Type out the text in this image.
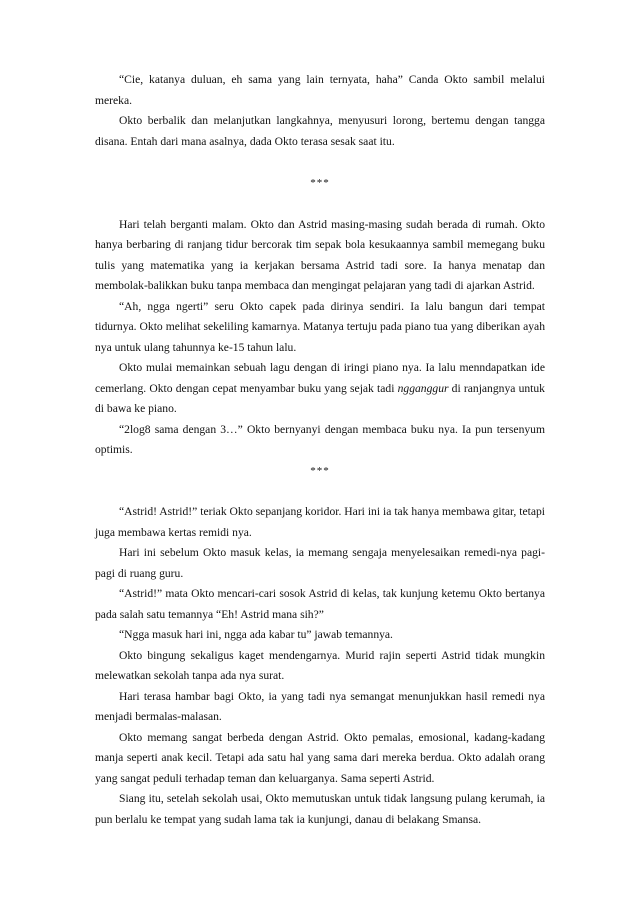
“Cie, katanya duluan, eh sama yang lain ternyata, haha” Canda Okto sambil melalui mereka.

Okto berbalik dan melanjutkan langkahnya, menyusuri lorong, bertemu dengan tangga disana. Entah dari mana asalnya, dada Okto terasa sesak saat itu.

***

Hari telah berganti malam. Okto dan Astrid masing-masing sudah berada di rumah. Okto hanya berbaring di ranjang tidur bercorak tim sepak bola kesukaannya sambil memegang buku tulis yang matematika yang ia kerjakan bersama Astrid tadi sore. Ia hanya menatap dan membolak-balikkan buku tanpa membaca dan mengingat pelajaran yang tadi di ajarkan Astrid.

“Ah, ngga ngerti” seru Okto capek pada dirinya sendiri. Ia lalu bangun dari tempat tidurnya. Okto melihat sekeliling kamarnya. Matanya tertuju pada piano tua yang diberikan ayah nya untuk ulang tahunnya ke-15 tahun lalu.

Okto mulai memainkan sebuah lagu dengan di iringi piano nya. Ia lalu menndapatkan ide cemerlang. Okto dengan cepat menyambar buku yang sejak tadi ngganggur di ranjangnya untuk di bawa ke piano.

“2log8 sama dengan 3…” Okto bernyanyi dengan membaca buku nya. Ia pun tersenyum optimis.

***

“Astrid! Astrid!” teriak Okto sepanjang koridor. Hari ini ia tak hanya membawa gitar, tetapi juga membawa kertas remidi nya.

Hari ini sebelum Okto masuk kelas, ia memang sengaja menyelesaikan remedi-nya pagi-pagi di ruang guru.

“Astrid!” mata Okto mencari-cari sosok Astrid di kelas, tak kunjung ketemu Okto bertanya pada salah satu temannya “Eh! Astrid mana sih?”

“Ngga masuk hari ini, ngga ada kabar tu” jawab temannya.

Okto bingung sekaligus kaget mendengarnya. Murid rajin seperti Astrid tidak mungkin melewatkan sekolah tanpa ada nya surat.

Hari terasa hambar bagi Okto, ia yang tadi nya semangat menunjukkan hasil remedi nya menjadi bermalas-malasan.

Okto memang sangat berbeda dengan Astrid. Okto pemalas, emosional, kadang-kadang manja seperti anak kecil. Tetapi ada satu hal yang sama dari mereka berdua. Okto adalah orang yang sangat peduli terhadap teman dan keluarganya. Sama seperti Astrid.

Siang itu, setelah sekolah usai, Okto memutuskan untuk tidak langsung pulang kerumah, ia pun berlalu ke tempat yang sudah lama tak ia kunjungi, danau di belakang Smansa.
